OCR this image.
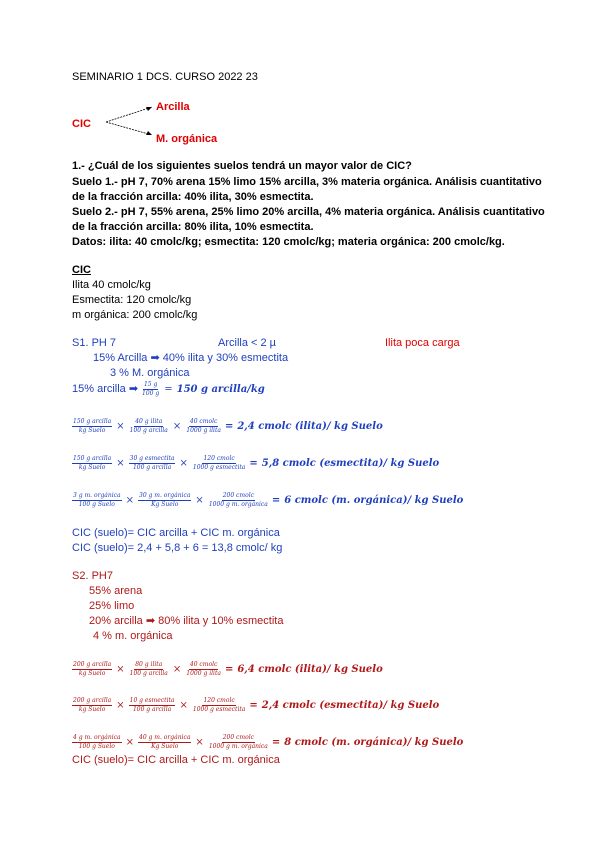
SEMINARIO 1 DCS. CURSO 2022 23
CIC
Arcilla
M. orgánica
1.- ¿Cuál de los siguientes suelos tendrá un mayor valor de CIC?
Suelo 1.- pH 7, 70% arena 15% limo 15% arcilla, 3% materia orgánica. Análisis cuantitativo
de la fracción arcilla: 40% ilita, 30% esmectita.
Suelo 2.- pH 7, 55% arena, 25% limo 20% arcilla, 4% materia orgánica. Análisis cuantitativo
de la fracción arcilla: 80% ilita, 10% esmectita.
Datos: ilita: 40 cmolc/kg; esmectita: 120 cmolc/kg; materia orgánica: 200 cmolc/kg.
CIC
Ilita 40 cmolc/kg
Esmectita: 120 cmolc/kg
m orgánica: 200 cmolc/kg
S1. PH 7	Arcilla < 2 µ	Ilita poca carga
15% Arcilla ➡ 40% ilita y 30% esmectita
3 % M. orgánica
15% arcilla ➡ $\frac{15 g}{100 g} = 150$ g arcilla/kg
$\frac{\text{150 g arcilla}}{\text{kg Suelo}} \times \frac{\text{40 g ilita}}{\text{100 g arcilla}} \times \frac{\text{40 cmolc}}{\text{1000 g ilita}} = 2,4$ cmolc (ilita)/ kg Suelo
$\frac{\text{150 g arcilla}}{\text{kg Suelo}} \times \frac{\text{30 g esmectita}}{\text{100 g arcilla}} \times \frac{\text{120 cmolc}}{\text{1000 g esmectita}} = 5,8$ cmolc (esmectita)/ kg Suelo
$\frac{\text{3 g m. orgánica}}{\text{100 g Suelo}} \times \frac{\text{30 g m. orgánica}}{\text{Kg Suelo}} \times \frac{\text{200 cmolc}}{\text{1000 g m. orgánica}} = 6$ cmolc (m. orgánica)/ kg Suelo
CIC (suelo)= CIC arcilla + CIC m. orgánica
CIC (suelo)= 2,4 + 5,8 + 6 = 13,8 cmolc/ kg
S2. PH7
55% arena
25% limo
20% arcilla ➡ 80% ilita y 10% esmectita
4 % m. orgánica
$\frac{\text{200 g arcilla}}{\text{kg Suelo}} \times \frac{\text{80 g ilita}}{\text{100 g arcilla}} \times \frac{\text{40 cmolc}}{\text{1000 g ilita}} = 6,4$ cmolc (ilita)/ kg Suelo
$\frac{\text{200 g arcilla}}{\text{kg Suelo}} \times \frac{\text{10 g esmectita}}{\text{100 g arcilla}} \times \frac{\text{120 cmolc}}{\text{1000 g esmectita}} = 2,4$ cmolc (esmectita)/ kg Suelo
$\frac{\text{4 g m. orgánica}}{\text{100 g Suelo}} \times \frac{\text{40 g m. orgánica}}{\text{Kg Suelo}} \times \frac{\text{200 cmolc}}{\text{1000 g m. orgánica}} = 8$ cmolc (m. orgánica)/ kg Suelo
CIC (suelo)= CIC arcilla + CIC m. orgánica
